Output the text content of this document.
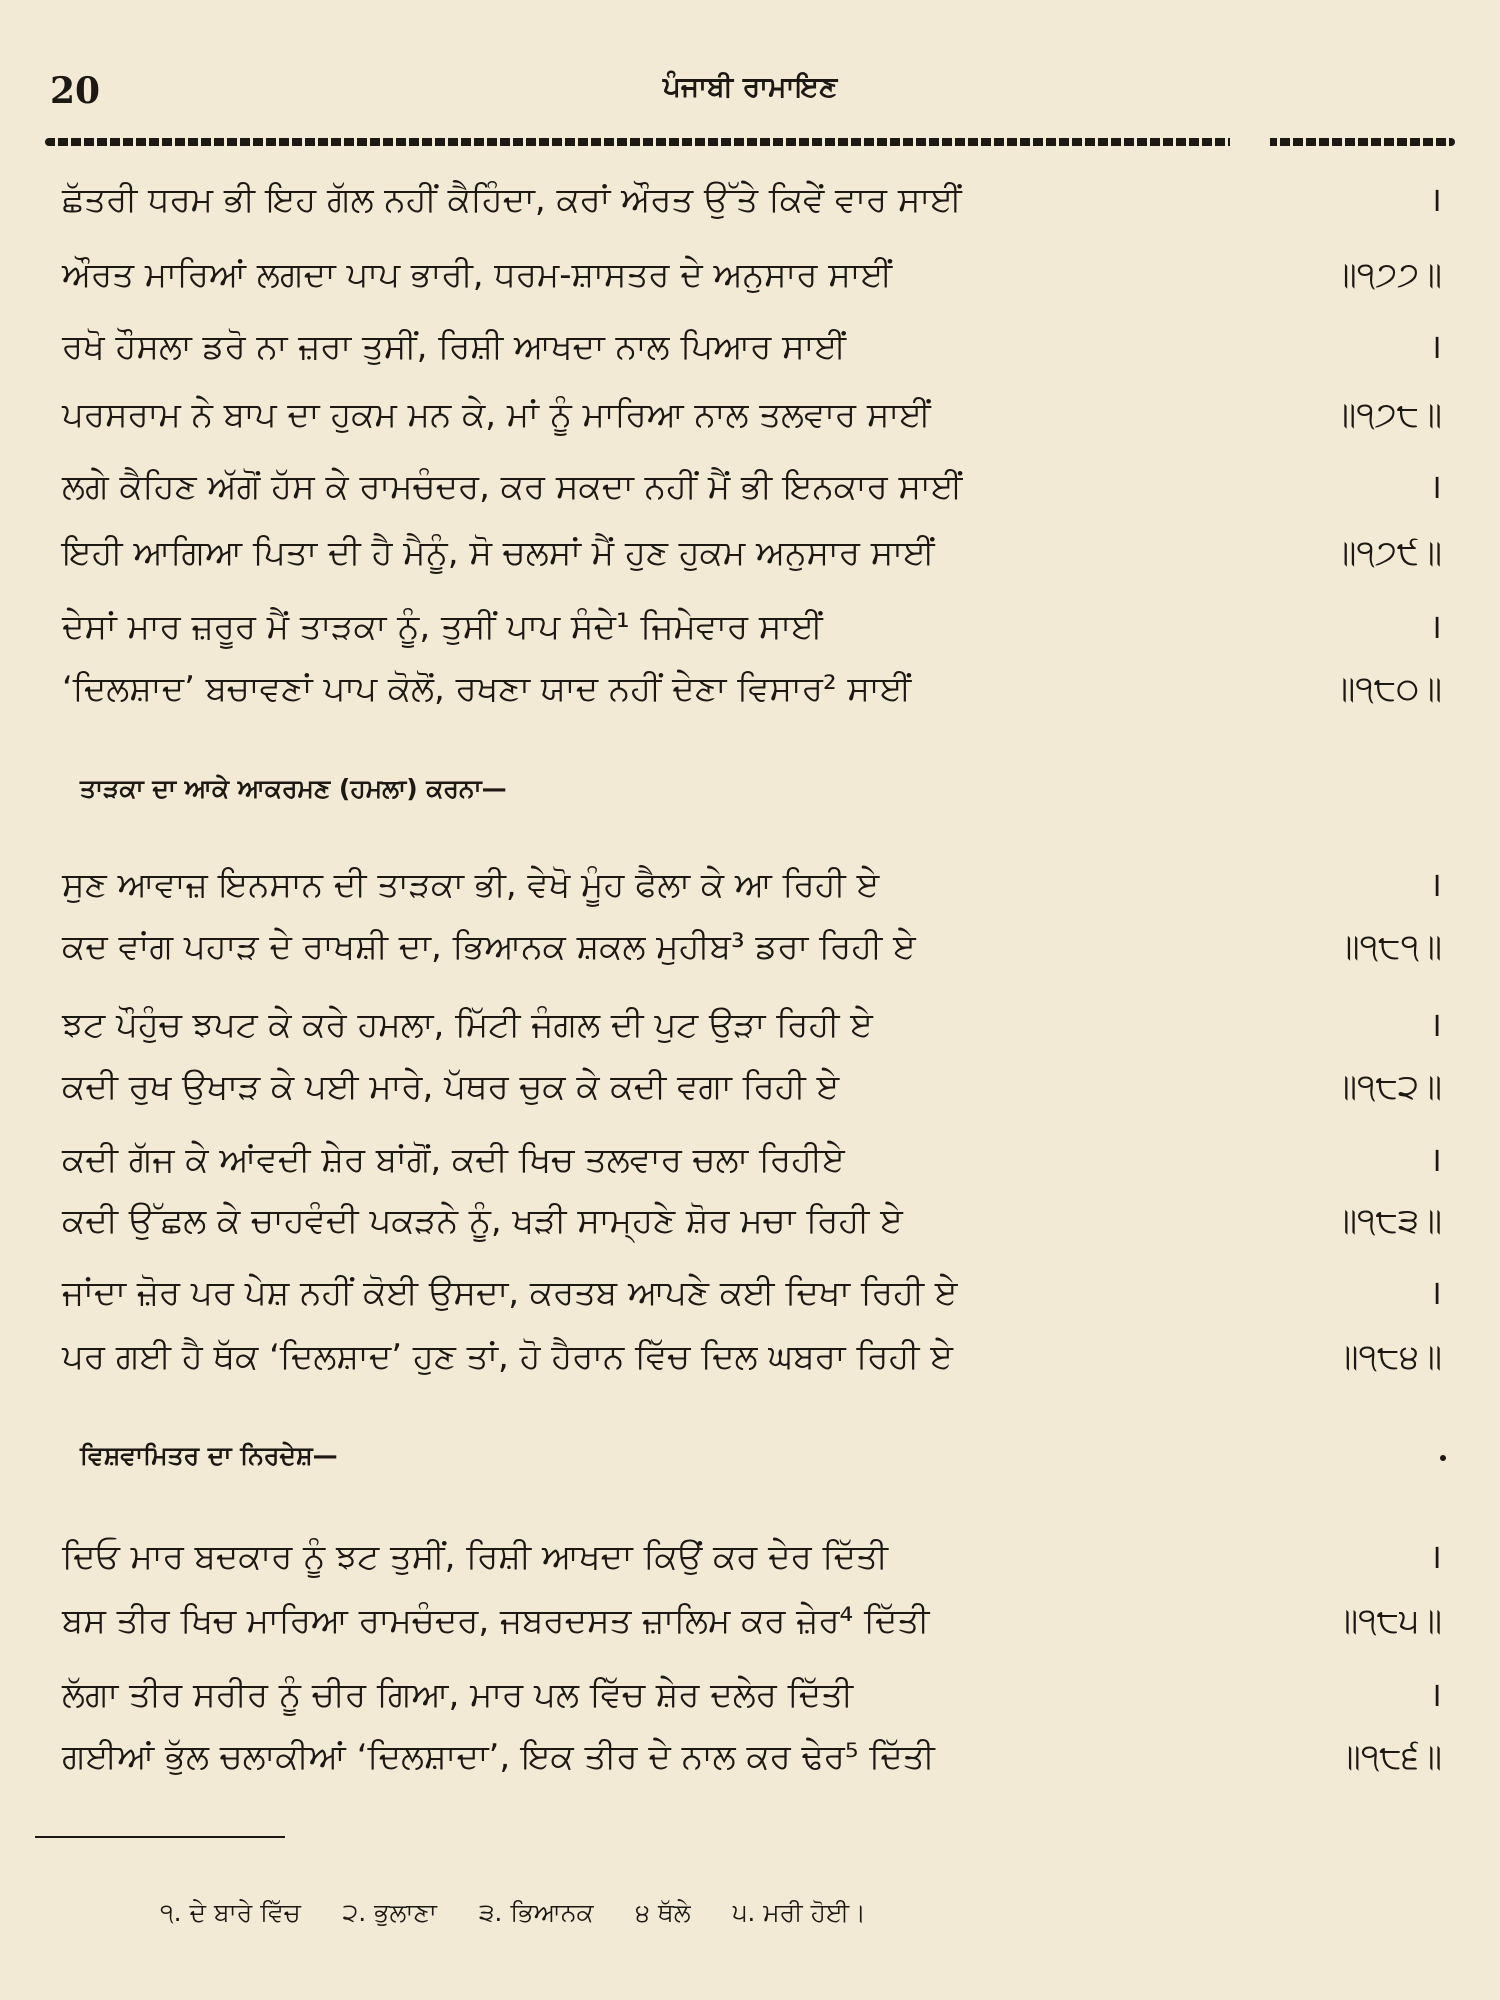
20	ਪੰਜਾਬੀ ਰਾਮਾਇਣ
ਛੱਤਰੀ ਧਰਮ ਭੀ ਇਹ ਗੱਲ ਨਹੀਂ ਕੈਹਿੰਦਾ, ਕਰਾਂ ਔਰਤ ਉੱਤੇ ਕਿਵੇਂ ਵਾਰ ਸਾਈਂ	।
ਔਰਤ ਮਾਰਿਆਂ ਲਗਦਾ ਪਾਪ ਭਾਰੀ, ਧਰਮ-ਸ਼ਾਸਤਰ ਦੇ ਅਨੁਸਾਰ ਸਾਈਂ	॥੧੭੭॥
ਰਖੋ ਹੌਸਲਾ ਡਰੋ ਨਾ ਜ਼ਰਾ ਤੁਸੀਂ, ਰਿਸ਼ੀ ਆਖਦਾ ਨਾਲ ਪਿਆਰ ਸਾਈਂ	।
ਪਰਸਰਾਮ ਨੇ ਬਾਪ ਦਾ ਹੁਕਮ ਮਨ ਕੇ, ਮਾਂ ਨੂੰ ਮਾਰਿਆ ਨਾਲ ਤਲਵਾਰ ਸਾਈਂ	॥੧੭੮॥
ਲਗੇ ਕੈਹਿਣ ਅੱਗੋਂ ਹੱਸ ਕੇ ਰਾਮਚੰਦਰ, ਕਰ ਸਕਦਾ ਨਹੀਂ ਮੈਂ ਭੀ ਇਨਕਾਰ ਸਾਈਂ	।
ਇਹੀ ਆਗਿਆ ਪਿਤਾ ਦੀ ਹੈ ਮੈਨੂੰ, ਸੋ ਚਲਸਾਂ ਮੈਂ ਹੁਣ ਹੁਕਮ ਅਨੁਸਾਰ ਸਾਈਂ	॥੧੭੯॥
ਦੇਸਾਂ ਮਾਰ ਜ਼ਰੂਰ ਮੈਂ ਤਾੜਕਾ ਨੂੰ, ਤੁਸੀਂ ਪਾਪ ਸੰਦੇ¹ ਜਿਮੇਵਾਰ ਸਾਈਂ	।
‘ਦਿਲਸ਼ਾਦ’ ਬਚਾਵਣਾਂ ਪਾਪ ਕੋਲੋਂ, ਰਖਣਾ ਯਾਦ ਨਹੀਂ ਦੇਣਾ ਵਿਸਾਰ² ਸਾਈਂ	॥੧੮੦॥
ਤਾੜਕਾ ਦਾ ਆਕੇ ਆਕਰਮਣ (ਹਮਲਾ) ਕਰਨਾ—
ਸੁਣ ਆਵਾਜ਼ ਇਨਸਾਨ ਦੀ ਤਾੜਕਾ ਭੀ, ਵੇਖੋ ਮੂੰਹ ਫੈਲਾ ਕੇ ਆ ਰਿਹੀ ਏ	।
ਕਦ ਵਾਂਗ ਪਹਾੜ ਦੇ ਰਾਖਸ਼ੀ ਦਾ, ਭਿਆਨਕ ਸ਼ਕਲ ਮੁਹੀਬ³ ਡਰਾ ਰਿਹੀ ਏ	॥੧੮੧॥
ਝਟ ਪੌਹੁੰਚ ਝਪਟ ਕੇ ਕਰੇ ਹਮਲਾ, ਮਿੱਟੀ ਜੰਗਲ ਦੀ ਪੁਟ ਉੜਾ ਰਿਹੀ ਏ	।
ਕਦੀ ਰੁਖ ਉਖਾੜ ਕੇ ਪਈ ਮਾਰੇ, ਪੱਥਰ ਚੁਕ ਕੇ ਕਦੀ ਵਗਾ ਰਿਹੀ ਏ	॥੧੮੨॥
ਕਦੀ ਗੱਜ ਕੇ ਆਂਵਦੀ ਸ਼ੇਰ ਬਾਂਗੋਂ, ਕਦੀ ਖਿਚ ਤਲਵਾਰ ਚਲਾ ਰਿਹੀਏ	।
ਕਦੀ ਉੱਛਲ ਕੇ ਚਾਹਵੰਦੀ ਪਕੜਨੇ ਨੂੰ, ਖੜੀ ਸਾਮ੍ਹਣੇ ਸ਼ੋਰ ਮਚਾ ਰਿਹੀ ਏ	॥੧੮੩॥
ਜਾਂਦਾ ਜ਼ੋਰ ਪਰ ਪੇਸ਼ ਨਹੀਂ ਕੋਈ ਉਸਦਾ, ਕਰਤਬ ਆਪਣੇ ਕਈ ਦਿਖਾ ਰਿਹੀ ਏ	।
ਪਰ ਗਈ ਹੈ ਥੱਕ ‘ਦਿਲਸ਼ਾਦ’ ਹੁਣ ਤਾਂ, ਹੋ ਹੈਰਾਨ ਵਿੱਚ ਦਿਲ ਘਬਰਾ ਰਿਹੀ ਏ	॥੧੮੪॥
ਵਿਸ਼ਵਾਮਿਤਰ ਦਾ ਨਿਰਦੇਸ਼—
ਦਿਓ ਮਾਰ ਬਦਕਾਰ ਨੂੰ ਝਟ ਤੁਸੀਂ, ਰਿਸ਼ੀ ਆਖਦਾ ਕਿਉਂ ਕਰ ਦੇਰ ਦਿੱਤੀ	।
ਬਸ ਤੀਰ ਖਿਚ ਮਾਰਿਆ ਰਾਮਚੰਦਰ, ਜਬਰਦਸਤ ਜ਼ਾਲਿਮ ਕਰ ਜ਼ੇਰ⁴ ਦਿੱਤੀ	॥੧੮੫॥
ਲੱਗਾ ਤੀਰ ਸਰੀਰ ਨੂੰ ਚੀਰ ਗਿਆ, ਮਾਰ ਪਲ ਵਿੱਚ ਸ਼ੇਰ ਦਲੇਰ ਦਿੱਤੀ	।
ਗਈਆਂ ਭੁੱਲ ਚਲਾਕੀਆਂ ‘ਦਿਲਸ਼ਾਦਾ’, ਇਕ ਤੀਰ ਦੇ ਨਾਲ ਕਰ ਢੇਰ⁵ ਦਿੱਤੀ	॥੧੮੬॥
੧. ਦੇ ਬਾਰੇ ਵਿੱਚ ੨. ਭੁਲਾਣਾ ੩. ਭਿਆਨਕ ੪ ਥੱਲੇ ੫. ਮਰੀ ਹੋਈ।
